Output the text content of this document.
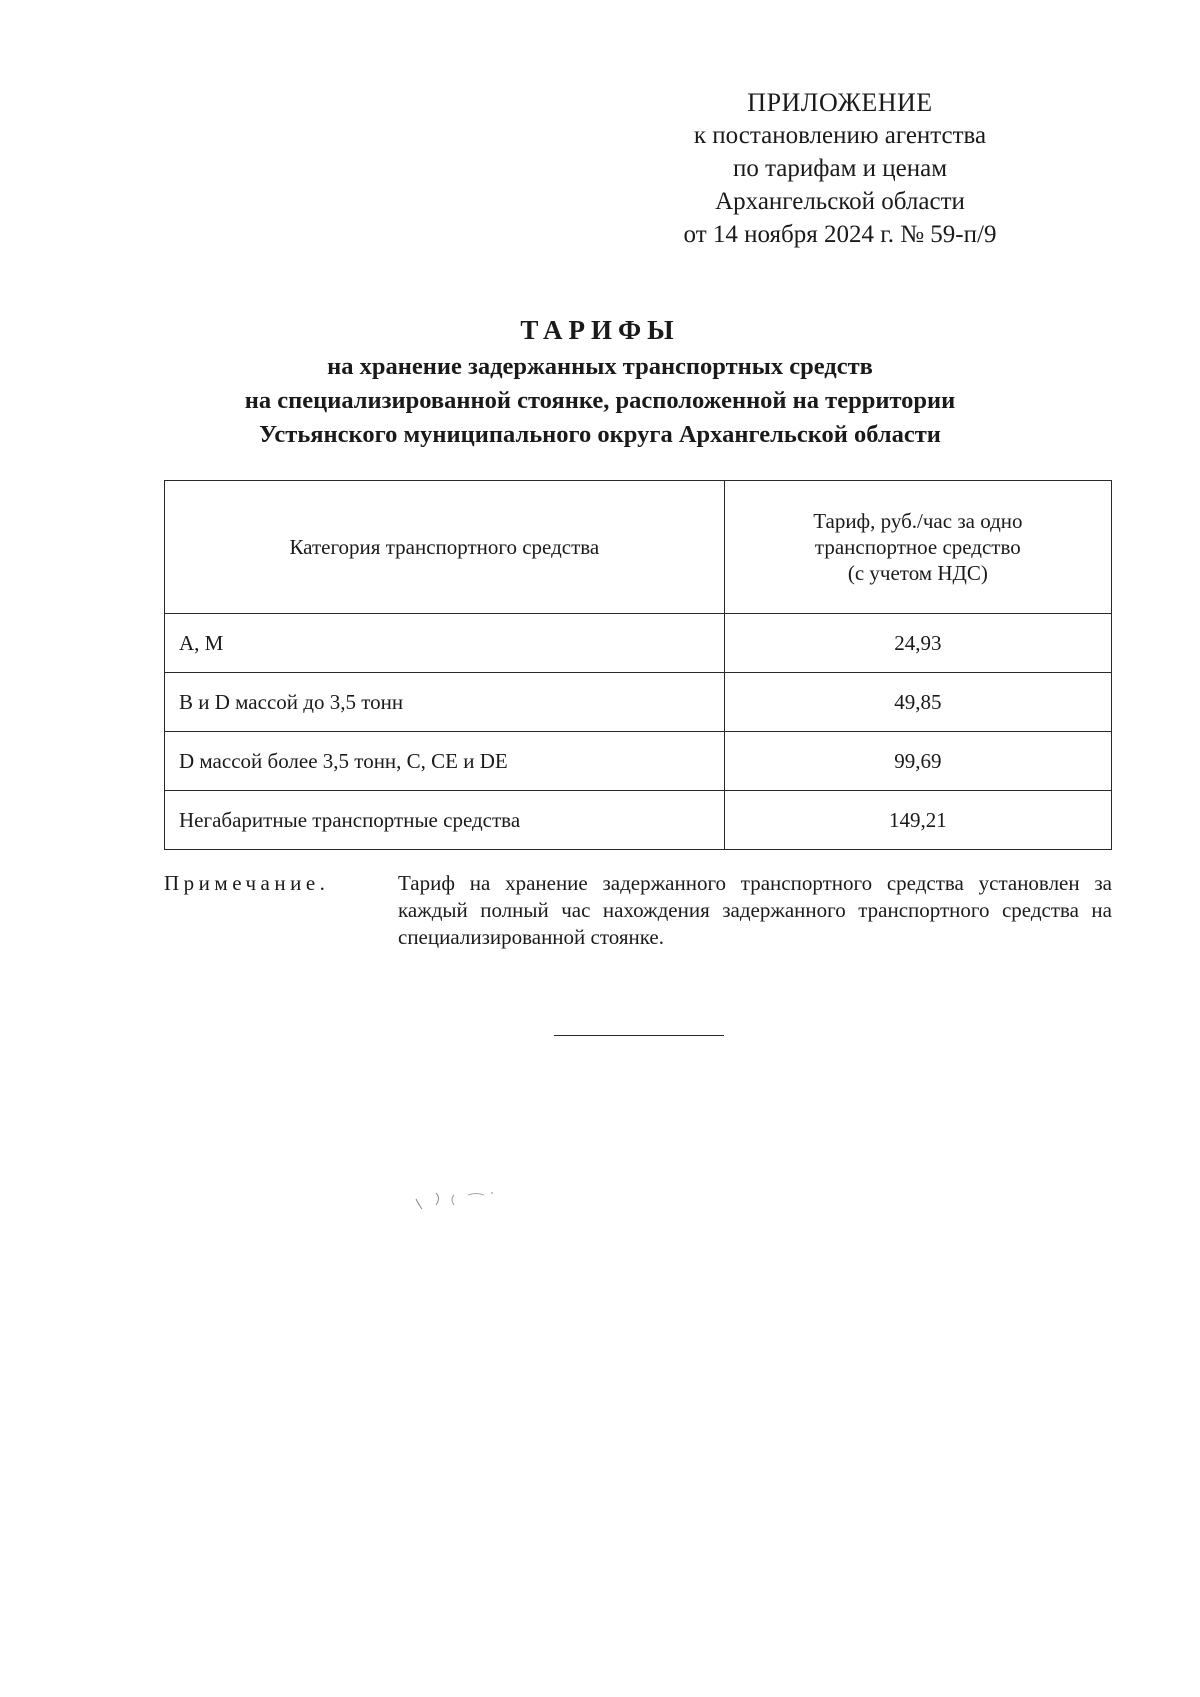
ПРИЛОЖЕНИЕ
к постановлению агентства
по тарифам и ценам
Архангельской области
от 14 ноября 2024 г. № 59-п/9
ТАРИФЫ
на хранение задержанных транспортных средств
на специализированной стоянке, расположенной на территории
Устьянского муниципального округа Архангельской области
Категория транспортного средства	Тариф, руб./час за одно
транспортное средство
(с учетом НДС)

A, M	24,93
B и D массой до 3,5 тонн	49,85
D массой более 3,5 тонн, C, CE и DE	99,69
Негабаритные транспортные средства	149,21
Примечание.	Тариф на хранение задержанного транспортного средства установлен за каждый полный час нахождения задержанного транспортного средства на специализированной стоянке.
